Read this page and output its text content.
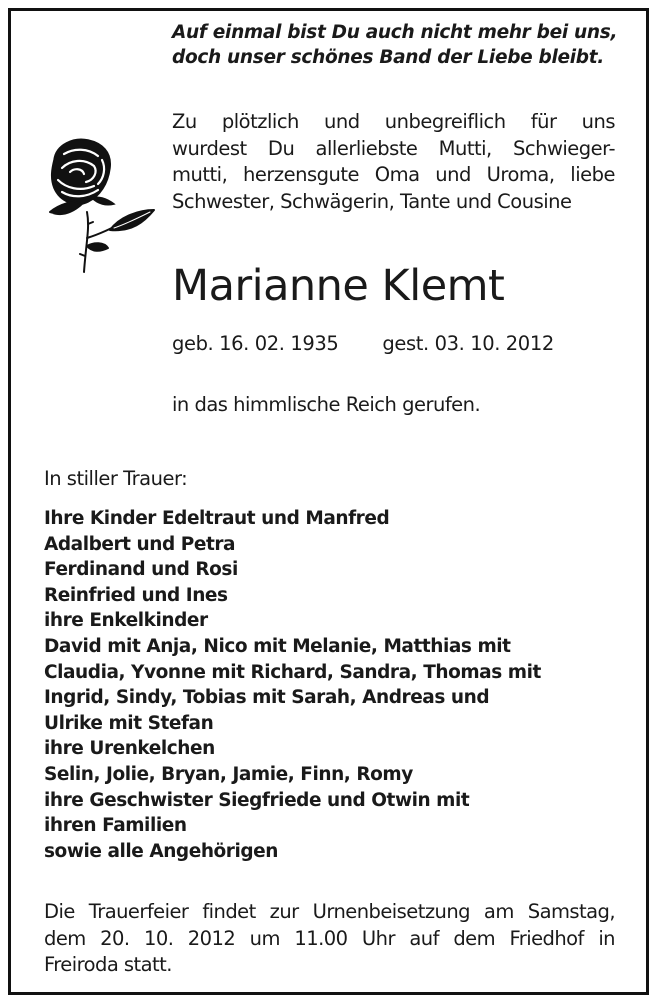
Auf einmal bist Du auch nicht mehr bei uns,
doch unser schönes Band der Liebe bleibt.
Zu plötzlich und unbegreiflich für uns
wurdest Du allerliebste Mutti, Schwieger-
mutti, herzensgute Oma und Uroma, liebe
Schwester, Schwägerin, Tante und Cousine
Marianne Klemt
geb. 16. 02. 1935 gest. 03. 10. 2012
in das himmlische Reich gerufen.
In stiller Trauer:
Ihre Kinder Edeltraut und Manfred
Adalbert und Petra
Ferdinand und Rosi
Reinfried und Ines
ihre Enkelkinder
David mit Anja, Nico mit Melanie, Matthias mit
Claudia, Yvonne mit Richard, Sandra, Thomas mit
Ingrid, Sindy, Tobias mit Sarah, Andreas und
Ulrike mit Stefan
ihre Urenkelchen
Selin, Jolie, Bryan, Jamie, Finn, Romy
ihre Geschwister Siegfriede und Otwin mit
ihren Familien
sowie alle Angehörigen
Die Trauerfeier findet zur Urnenbeisetzung am Samstag,
dem 20. 10. 2012 um 11.00 Uhr auf dem Friedhof in
Freiroda statt.
